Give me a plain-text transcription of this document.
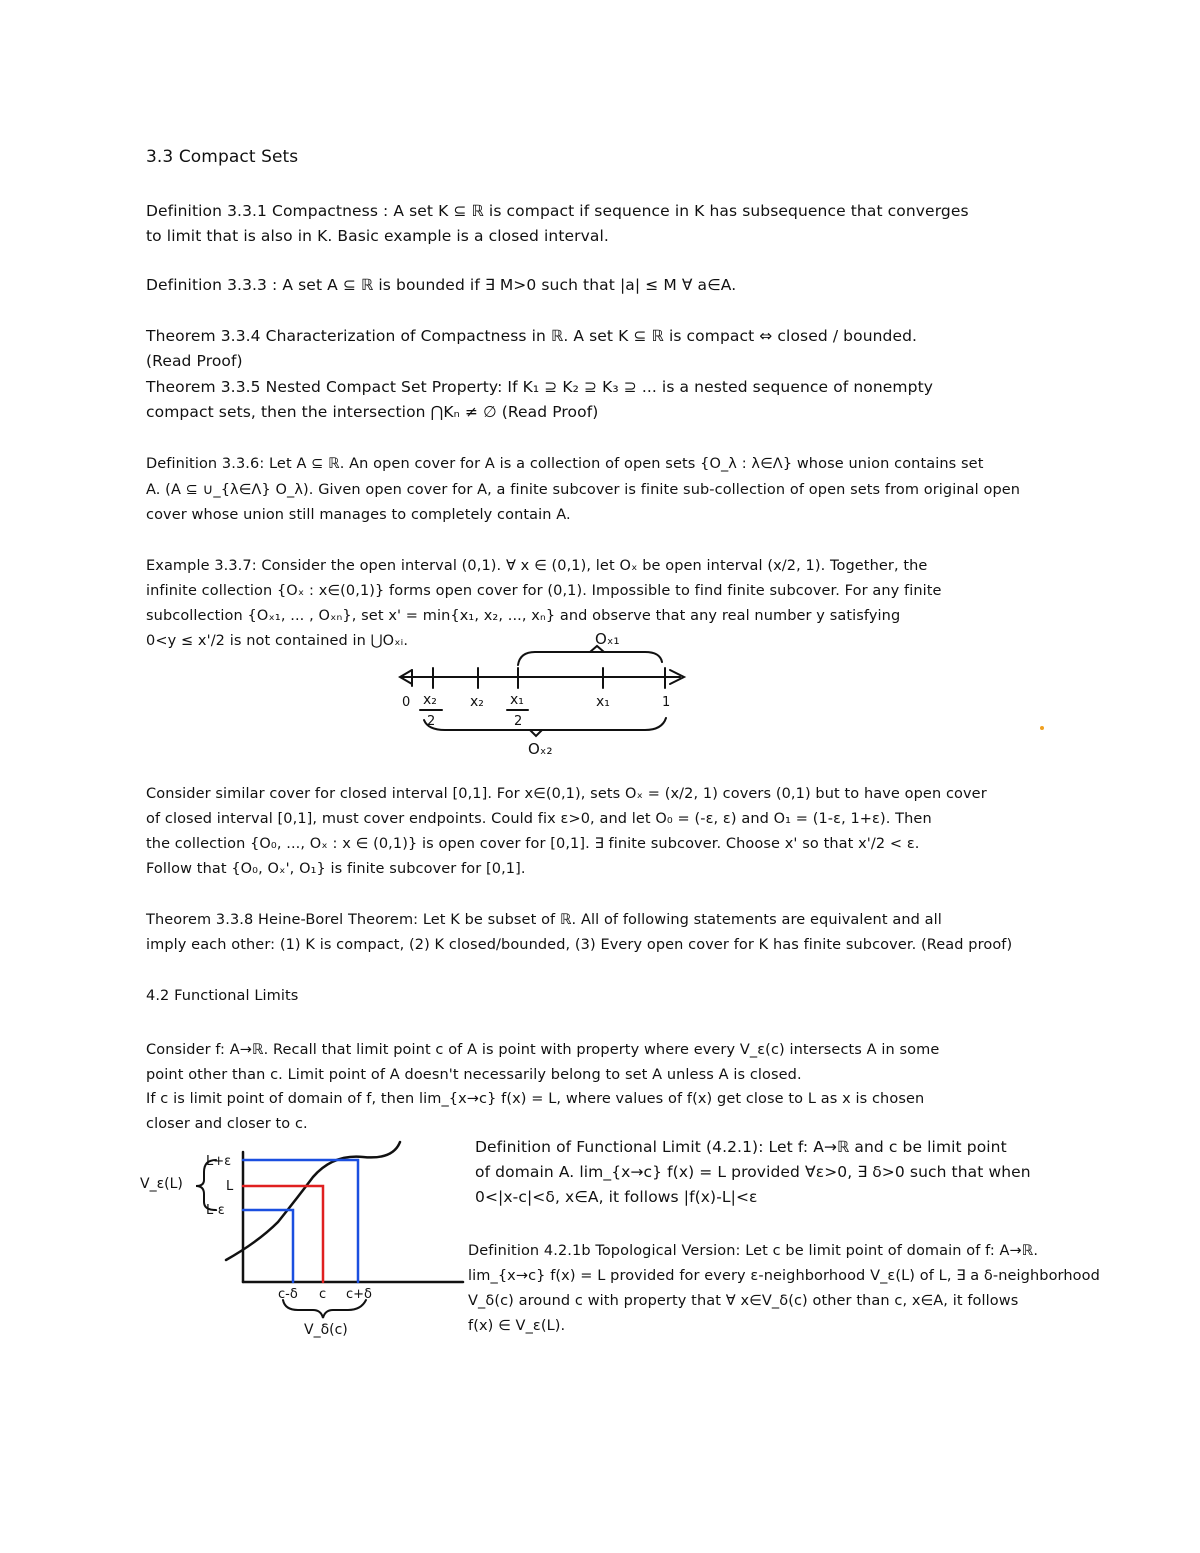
3.3 Compact Sets
Definition 3.3.1 Compactness : A set K ⊆ ℝ is compact if sequence in K has subsequence that converges
to limit that is also in K. Basic example is a closed interval.
Definition 3.3.3 : A set A ⊆ ℝ is bounded if ∃ M>0 such that |a| ≤ M ∀ a∈A.
Theorem 3.3.4 Characterization of Compactness in ℝ. A set K ⊆ ℝ is compact ⇔ closed / bounded.
(Read Proof)
Theorem 3.3.5 Nested Compact Set Property: If K₁ ⊇ K₂ ⊇ K₃ ⊇ ... is a nested sequence of nonempty
compact sets, then the intersection ⋂Kₙ ≠ ∅ (Read Proof)
Definition 3.3.6: Let A ⊆ ℝ. An open cover for A is a collection of open sets {O_λ : λ∈Λ} whose union contains set
A. (A ⊆ ∪_{λ∈Λ} O_λ). Given open cover for A, a finite subcover is finite sub-collection of open sets from original open
cover whose union still manages to completely contain A.
Example 3.3.7: Consider the open interval (0,1). ∀ x ∈ (0,1), let Oₓ be open interval (x/2, 1). Together, the
infinite collection {Oₓ : x∈(0,1)} forms open cover for (0,1). Impossible to find finite subcover. For any finite
subcollection {Oₓ₁, ... , Oₓₙ}, set x' = min{x₁, x₂, ..., xₙ} and observe that any real number y satisfying
0<y ≤ x'/2 is not contained in ⋃Oₓᵢ.	Oₓ₁
Oₓ₂
0 x₂
2
x₂ x₁
2
x₁	1
Consider similar cover for closed interval [0,1]. For x∈(0,1), sets Oₓ = (x/2, 1) covers (0,1) but to have open cover
of closed interval [0,1], must cover endpoints. Could fix ε>0, and let O₀ = (-ε, ε) and O₁ = (1-ε, 1+ε). Then
the collection {O₀, ..., Oₓ : x ∈ (0,1)} is open cover for [0,1]. ∃ finite subcover. Choose x' so that x'/2 < ε.
Follow that {O₀, Oₓ', O₁} is finite subcover for [0,1].
Theorem 3.3.8 Heine-Borel Theorem: Let K be subset of ℝ. All of following statements are equivalent and all
imply each other: (1) K is compact, (2) K closed/bounded, (3) Every open cover for K has finite subcover. (Read proof)
4.2 Functional Limits
Consider f: A→ℝ. Recall that limit point c of A is point with property where every V_ε(c) intersects A in some
point other than c. Limit point of A doesn't necessarily belong to set A unless A is closed.
If c is limit point of domain of f, then lim_{x→c} f(x) = L, where values of f(x) get close to L as x is chosen
closer and closer to c.
Definition of Functional Limit (4.2.1): Let f: A→ℝ and c be limit point
of domain A. lim_{x→c} f(x) = L provided ∀ε>0, ∃ δ>0 such that when
0<|x-c|<δ, x∈A, it follows |f(x)-L|<ε
Definition 4.2.1b Topological Version: Let c be limit point of domain of f: A→ℝ.
lim_{x→c} f(x) = L provided for every ε-neighborhood V_ε(L) of L, ∃ a δ-neighborhood
V_δ(c) around c with property that ∀ x∈V_δ(c) other than c, x∈A, it follows
f(x) ∈ V_ε(L).
L+ε
L
L-ε
V_ε(L)
c-δ c c+δ
V_δ(c)
